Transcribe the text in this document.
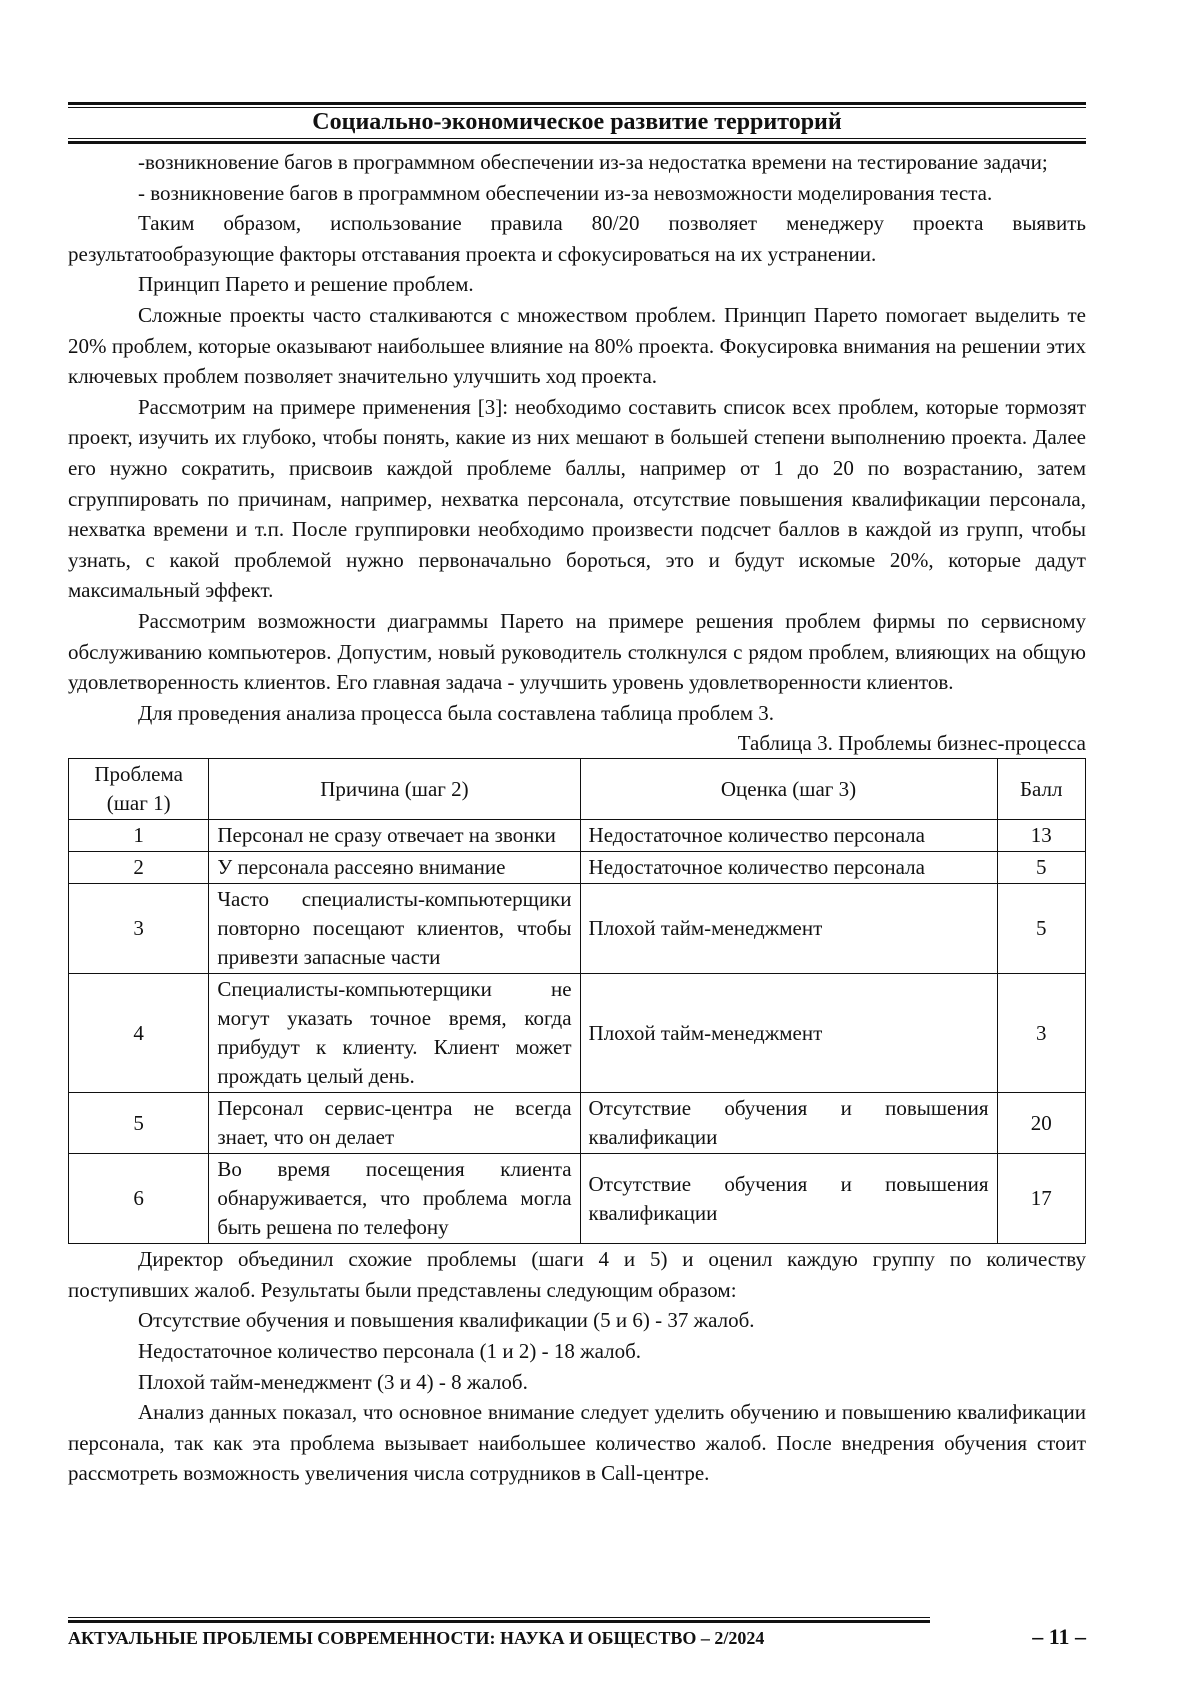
Социально-экономическое развитие территорий

-возникновение багов в программном обеспечении из-за недостатка времени на тестирование задачи;

- возникновение багов в программном обеспечении из-за невозможности моделирования теста.

Таким образом, использование правила 80/20 позволяет менеджеру проекта выявить результатообразующие факторы отставания проекта и сфокусироваться на их устранении.

Принцип Парето и решение проблем.

Сложные проекты часто сталкиваются с множеством проблем. Принцип Парето помогает выделить те 20% проблем, которые оказывают наибольшее влияние на 80% проекта. Фокусировка внимания на решении этих ключевых проблем позволяет значительно улучшить ход проекта.

Рассмотрим на примере применения [3]: необходимо составить список всех проблем, которые тормозят проект, изучить их глубоко, чтобы понять, какие из них мешают в большей степени выполнению проекта. Далее его нужно сократить, присвоив каждой проблеме баллы, например от 1 до 20 по возрастанию, затем сгруппировать по причинам, например, нехватка персонала, отсутствие повышения квалификации персонала, нехватка времени и т.п. После группировки необходимо произвести подсчет баллов в каждой из групп, чтобы узнать, с какой проблемой нужно первоначально бороться, это и будут искомые 20%, которые дадут максимальный эффект.

Рассмотрим возможности диаграммы Парето на примере решения проблем фирмы по сервисному обслуживанию компьютеров. Допустим, новый руководитель столкнулся с рядом проблем, влияющих на общую удовлетворенность клиентов. Его главная задача - улучшить уровень удовлетворенности клиентов.

Для проведения анализа процесса была составлена таблица проблем 3.

Таблица 3. Проблемы бизнес-процесса
Проблема (шаг 1)	Причина (шаг 2)	Оценка (шаг 3)	Балл
1	Персонал не сразу отвечает на звонки	Недостаточное количество персонала	13
2	У персонала рассеяно внимание	Недостаточное количество персонала	5
3	Часто специалисты-компьютерщики повторно посещают клиентов, чтобы привезти запасные части	Плохой тайм-менеджмент	5
4	Специалисты-компьютерщики не могут указать точное время, когда прибудут к клиенту. Клиент может прождать целый день.	Плохой тайм-менеджмент	3
5	Персонал сервис-центра не всегда знает, что он делает	Отсутствие обучения и повышения квалификации	20
6	Во время посещения клиента обнаруживается, что проблема могла быть решена по телефону	Отсутствие обучения и повышения квалификации	17

Директор объединил схожие проблемы (шаги 4 и 5) и оценил каждую группу по количеству поступивших жалоб. Результаты были представлены следующим образом:

Отсутствие обучения и повышения квалификации (5 и 6) - 37 жалоб.

Недостаточное количество персонала (1 и 2) - 18 жалоб.

Плохой тайм-менеджмент (3 и 4) - 8 жалоб.

Анализ данных показал, что основное внимание следует уделить обучению и повышению квалификации персонала, так как эта проблема вызывает наибольшее количество жалоб. После внедрения обучения стоит рассмотреть возможность увеличения числа сотрудников в Call-центре.

АКТУАЛЬНЫЕ ПРОБЛЕМЫ СОВРЕМЕННОСТИ: НАУКА И ОБЩЕСТВО – 2/2024	– 11 –
